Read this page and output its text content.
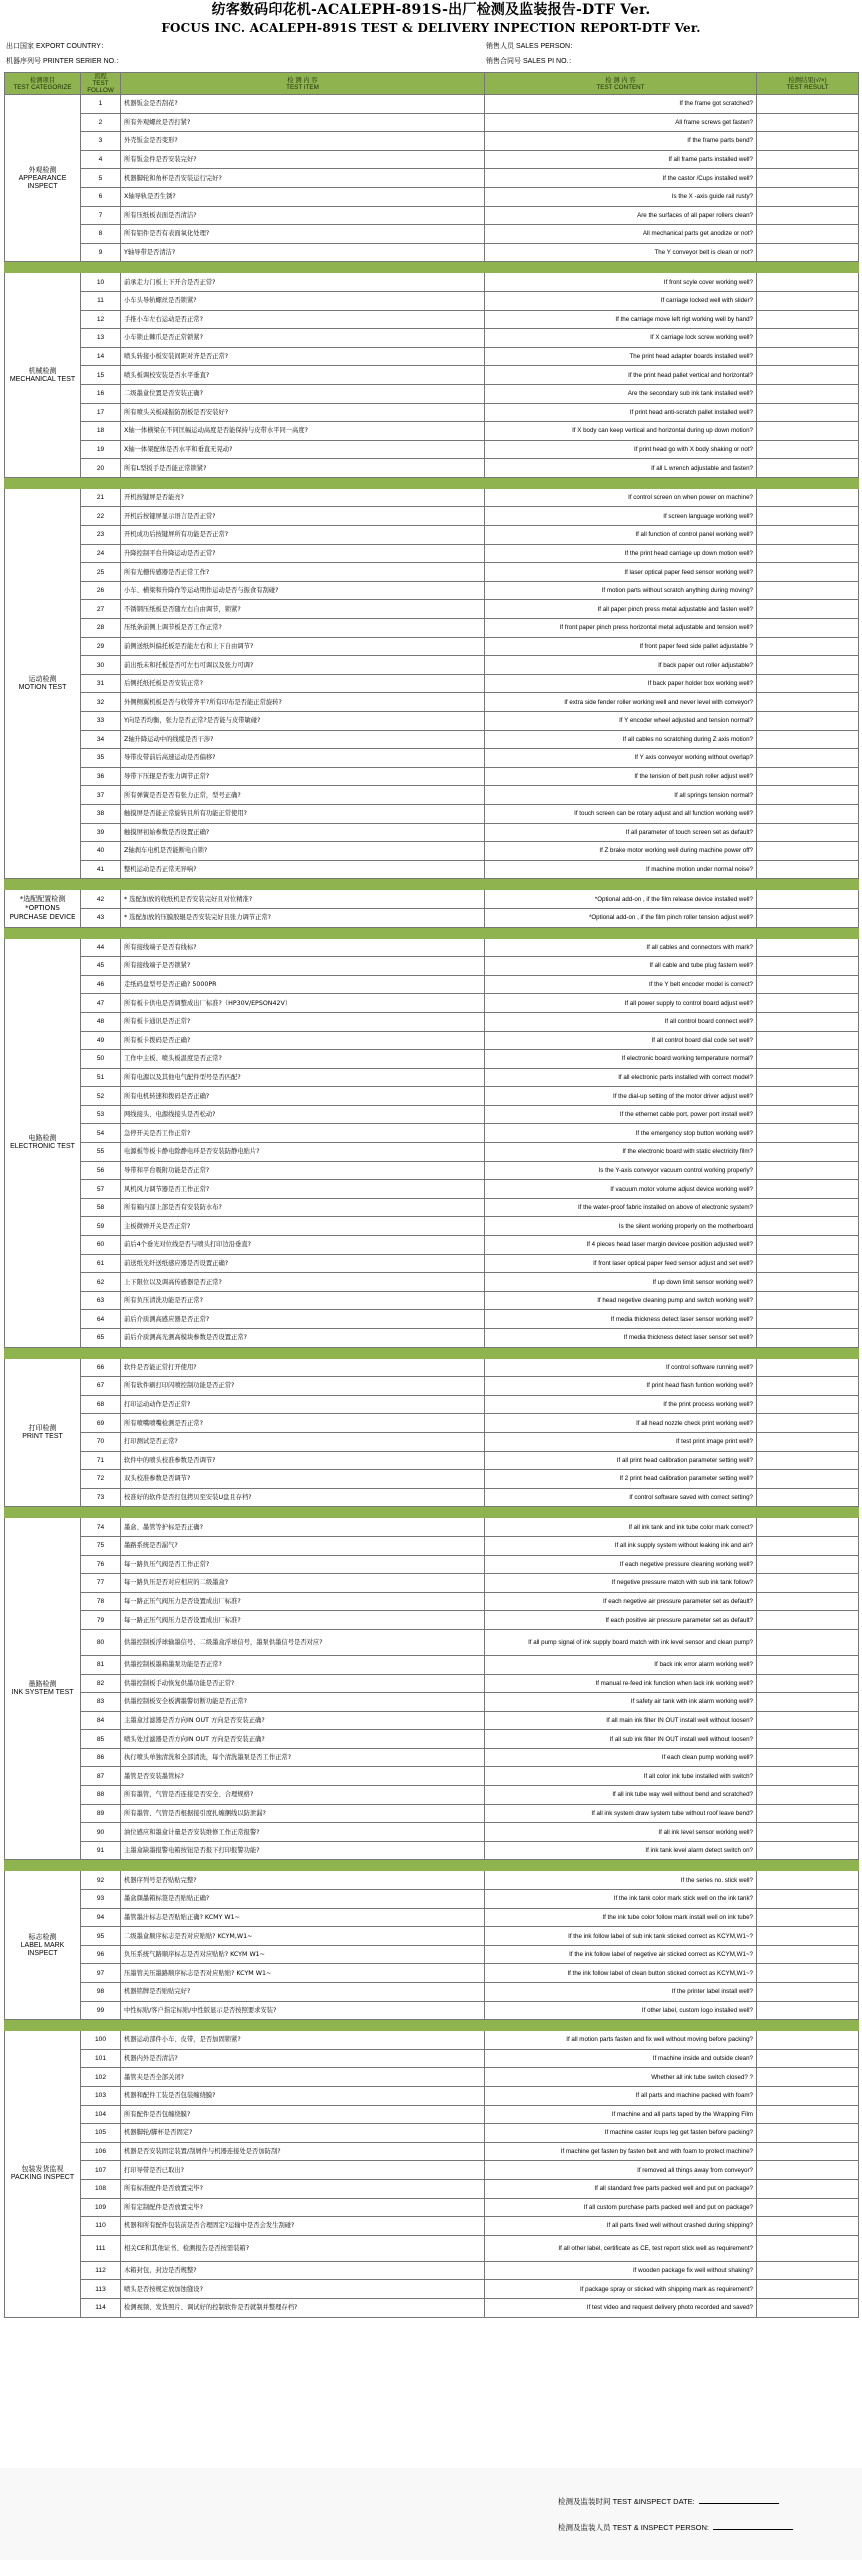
纺客数码印花机-ACALEPH-891S-出厂检测及监装报告-DTF Ver.
FOCUS INC. ACALEPH-891S TEST & DELIVERY INPECTION REPORT-DTF Ver.
出口国家 EXPORT COUNTRY：	销售人员 SALES PERSON：
机器序列号 PRINTER SERIER NO.：	销售合同号 SALES PI NO.：
检测项目
TEST CATEGORIZE	流程
TEST FOLLOW	检 测 内 容
TEST ITEM	检 测 内 容
TEST CONTENT	检测结果(√/×)
TEST RESULT
外观检测
APPEARANCE INSPECT	1	机器钣金是否刮花?	If the frame got scratched?	
	2	所有外观螺丝是否打紧?	All frame screws get fasten?	
	3	外壳钣金是否变形?	If the frame parts bend?	
	4	所有钣金件是否安装完好?	If all frame parts installed well?	
	5	机器脚轮和角杯是否安装运行完好?	If the castor /Cups installed well?	
	6	X轴导轨是否生锈?	Is the X -axis guide rail rusty?	
	7	所有压纸板表面是否清洁?	Are the surfaces of all paper rollers clean?	
	8	所有铝件是否有表面氧化处理?	All mechanical parts get anodize or not?	
	9	Y轴导带是否清洁?	The Y conveyor belt is clean or not?	

机械检测
MECHANICAL TEST	10	前承走力门板上下开合是否正常?	If front scyle cover working well?	
	11	小车头导轨螺丝是否锁紧?	If carriage locked well with slider?	
	12	手推小车左右运动是否正常?	If the carriage move left rigt working well by hand?	
	13	小车锁止棘爪是否正常锁紧?	If X carriage lock screw working well?	
	14	喷头转接小板安装间距对齐是否正常?	The print head adapter boards installed well?	
	15	喷头板调校安装是否水平垂直?	If the print head pallet vertical and horizontal?	
	16	二级墨盒位置是否安装正确?	Are the secondary sub ink tank installed well?	
	17	所有喷头关板减振防刮板是否安装好?	If print head anti-scratch pallet installed well?	
	18	X轴一体横梁在不同匡幅运动高度是否能保持与皮带水平同一高度?	If X body can keep vertical and horizontal during up down motion?	
	19	X轴一体架配体是否水平和垂直无晃动?	If print head go with X body shaking or not?	
	20	所有L型扳手是否能正常锁紧?	If all L wrench adjustable and fasten?	

运动检测
MOTION TEST	21	开机按键屏是否能亮?	If control screen on when power on machine?	
	22	开机后按键屏显示语言是否正常?	If screen language working well?	
	23	开机成功后按键屏所有功能是否正常?	If all function of control panel working well?	
	24	升降控制平台升降运动是否正常?	If the print head carriage up down motion well?	
	25	所有光栅传感器是否正常工作?	If laser optical paper feed sensor working well?	
	26	小车、横梁和升降作等运动期作运动是否与振食有刮碰?	If motion parts without scratch anything during moving?	
	27	不锈钢压纸板是否随左右自由调节，锁紧?	If all paper pinch press metal adjustable and fasten well?	
	28	压纸条前侧上调节板是否工作正常?	If front paper pinch press horizontal metal adjustable and tension well?	
	29	前侧送纸纠偏托板是否能左右和上下自由调节?	If front paper feed side pallet adjustable ?	
	30	前出纸未和托板是否可左右可调以及张力可调?	If back paper out roller adjustable?	
	31	后侧托纸托板是否安装正常?	If back paper holder box working well?	
	32	外侧侧翼机板是否与收带齐平?所有印布是否能正常旋转?	If extra side fender roller working well and never level with conveyor?	
	33	Y向是否均衡，张力是否正常?是否能与皮带敏碰?	If Y encoder wheel adjusted and tension normal?	
	34	Z轴升降运动中的线缆是否干涉?	If all cables no scratching during Z axis motion?	
	35	导带皮带前后高速运动是否偏移?	If Y axis conveyor working without overlap?	
	36	导带下压辊是否张力调节正常?	If the tension of belt push roller adjust well?	
	37	所有弹簧是否是否有张力正常，型号正确?	If all springs tension normal?	
	38	触摸屏是否能正常旋转且所有功能正常使用?	If touch screen can be rotary adjust and all function working well?	
	39	触摸屏初始参数是否设置正确?	If all parameter of touch screen set as default?	
	40	Z轴刹车电机是否能断电自锁?	If Z brake motor working well during machine power off?	
	41	整机运动是否正常无异响?	If machine motion under normal noise?	

*选配配置检测
*OPTIONS
PURCHASE DEVICE	42	* 选配加放的收纸机是否安装完好且对位精准?	*Optional add-on , if the film release device installed well?	
	43	* 选配加放的压膜胶辊是否安装完好且张力调节正常?	*Optional add-on , if the film pinch roller tension adjust well?	

电路检测
ELECTRONIC TEST	44	所有接线端子是否有线标?	If all cables and connectors with mark?	
	45	所有接线端子是否锁紧?	If all cable and tube plug fastern well?	
	46	走纸码盘型号是否正确? 5000PR	If the Y belt encoder model is correct?	
	47	所有板卡供电是否调整成出厂标准?（HP30V/EPSON42V）	If all power supply to control board adjust well?	
	48	所有板卡通讯是否正常?	If all control board connect well?	
	49	所有板卡拨码是否正确?	If all control board dial code set well?	
	50	工作中主板、喷头板温度是否正常?	If electronic board working temperature normal?	
	51	所有电源以及其他电气配件型号是否匹配?	If all electronic parts installed with correct model?	
	52	所有电机转速和拨码是否正确?	If the dial-up setting of the motor driver adjust well?	
	53	网线接头、电源线接头是否松动?	If the ethernet cable port, power port install well?	
	54	急停开关是否工作正常?	If the emergency stop button working well?	
	55	电源板等板卡静电除静电环是否安装防静电贴片?	If the electronic board with static electricity film?	
	56	导带和平台吸附功能是否正常?	Is the Y-axis conveyor vacuum control working properly?	
	57	风机风力调节器是否工作正常?	If vacuum motor volume adjust device working well?	
	58	所有箱内部上部是否有安装防水布?	If the water-proof fabric installed on above of electronic system?	
	59	主板微弹开关是否正常?	Is the silent working properly on the motherboard	
	60	前后4个垂光对位线是否与喷头打印边沿垂直?	If 4 pieces head laser margin devicee position adjusted well?	
	61	前送纸光纤送纸感应器是否设置正确?	If front laser optical paper feed sensor adjust and set well?	
	62	上下限位以及调高传感器是否正常?	If up down limit sensor working well?	
	63	所有负压清洗功能是否正常?	If head negetive cleaning pump and switch working well?	
	64	前后介质测高感应器是否正常?	If media thickness detect laser sensor working well?	
	65	前后介质测高光测高模块参数是否设置正常?	If media thickness detect laser sensor set well?	

打印检测
PRINT TEST	66	软件是否能正常打开使用?	If control software running well?	
	67	所有软件刷打印闪喷控制功能是否正常?	If print head flash funtion working well?	
	68	打印运动动作是否正常?	If the print process working well?	
	69	所有喷嘴喷嘴检测是否正常?	If all head nozzle check print working well?	
	70	打印测试是否正常?	If test print image print well?	
	71	软件中的喷头校准参数是否调节?	If all print head calibration parameter setting well?	
	72	双头校准参数是否调节?	If 2 print head calibration parameter setting well?	
	73	校准好的软件是否打包拷贝至安装U盘且存档?	If control software saved with correct setting?	

墨路检测
INK SYSTEM TEST	74	墨盒、墨管等护标是否正确?	If all ink tank and ink tube color mark correct?	
	75	墨路系统是否漏气?	If all ink supply system without leaking ink and air?	
	76	每一路负压气阀是否工作正常?	If each negetive pressure cleaning working well?	
	77	每一路负压是否对应相应的二级墨盒?	If negetive pressure match with sub ink tank follow?	
	78	每一路正压气阀压力是否设置成出厂标准?	If each negetive air pressure parameter set as default?	
	79	每一路正压气阀压力是否设置成出厂标准?	If each positive air pressure parameter set as default?	
	80	供墨控制板浮球输墨信号、二级墨盒浮球信号，墨泵供墨信号是否对应?	If all pump signal of ink supply board match with ink level sensor and clean pump?	
	81	供墨控制板墨箱墨泵功能是否正常?	If back ink error alarm working well?	
	82	供墨控制板手动恢复供墨功能是否正常?	If manual re-feed ink function when lack ink working well?	
	83	供墨控制板安全板满墨警切断功能是否正常?	If safety air tank with ink alarm working well?	
	84	主墨盒过滤器是否方向IN OUT 方向是否安装正确?	If all main ink filter IN OUT install well without loosen?	
	85	喷头处过滤器是否方向IN OUT 方向是否安装正确?	If all sub ink filter IN OUT install well without loosen?	
	86	执行喷头单独清洗和全部清洗，每个清洗墨泵是否工作正常?	If each clean pump working well?	
	87	墨管是否安装墨管标?	If all color ink tube installed with switch?	
	88	所有墨管，气管是否连接是否安全、合理规格?	If all ink tube way well without bend and scratched?	
	89	所有墨管、气管是否根据接引度扎缠捆线以防泄漏?	If all ink system draw system tube without roof leave bend?	
	90	油位感应和墨盒计量是否安装维修工作正常报警?	If all ink level sensor working well?	
	91	主墨盒缺墨报警电箱按钮是否报下打印报警功能?	If ink tank level alarm detect switch on?	

标志检测
LABEL MARK INSPECT	92	机器序列号是否贴贴完整?	If the series no. stick well?	
	93	墨盒颜墨箱标签是否贴贴正确?	If the ink tank color mark stick well on the ink tank?	
	94	墨管墨汁标志是否贴贴正确? KCMY W1~	If the ink tube color follow mark install well on ink tube?	
	95	二级墨盒顺序标志是否对应贴贴? KCYM,W1~	If the ink follow label of sub ink tank sticked correct as KCYM,W1~?	
	96	负压系统气路顺序标志是否对应贴贴? KCYM W1~	If the ink follow label of negetive air sticked correct as KCYM,W1~?	
	97	压墨管关压墨路顺序标志是否对应贴贴? KCYM W1~	If the ink follow label of clean button sticked correct as KCYM,W1~?	
	98	机器铭牌是否贴贴完好?	If the printer label install well?	
	99	中性标贴/客户指定标贴/中性版显示是否按照要求安装?	If other label, custom logo installed well?	

包装发货监视
PACKING INSPECT	100	机器运动部件小车、皮带，是否加固锁紧?	If all motion parts fasten and fix well without moving before packing?	
	101	机器内外是否清洁?	If machine inside and outside clean?	
	102	墨管夹是否全部关闭?	Whether all ink tube switch closed? ?	
	103	机器和配件工装是否包装缠绕膜?	If all parts and machine packed with foam?	
	104	所有配件是否包缠绕膜?	If machine and all parts taped by the Wrapping Film	
	105	机器脚轮/脚杯是否固定?	If machine caster /cups leg get fasten before packing?	
	106	机器是否安装固定装置/刮屑件与机器连接处是否加防刮?	If machine get fasten by fasten belt and with foam to protect machine?	
	107	打印导带是否已取出?	If removed all things away from conveyor?	
	108	所有标准配件是否放置完毕?	If all standard free parts packed well and put on package?	
	109	所有定制配件是否放置完毕?	If all custom purchase parts packed well and put on package?	
	110	机器和所有配件包装前是否合理固定?运输中是否会发生刮碰?	If all parts fixed well without crashed during shipping?	
	111	相关CE和其他证书、检测报告是否按需装箱?	If all other label, certificate as CE, test report stick well as requirement?	
	112	木箱封包，封边是否规整?	If wooden package fix well without shaking?	
	113	喷头是否按规定放加蚀缝设?	If package spray or sticked with shipping mark as requirement?	
	114	检测视频、发货照片、调试好的控制软件是否就制并整理存档?	If test video and request delivery photo recorded and saved?	
检测及监装时间 TEST &INSPECT DATE:
检测及监装人员 TEST & INSPECT PERSON:
